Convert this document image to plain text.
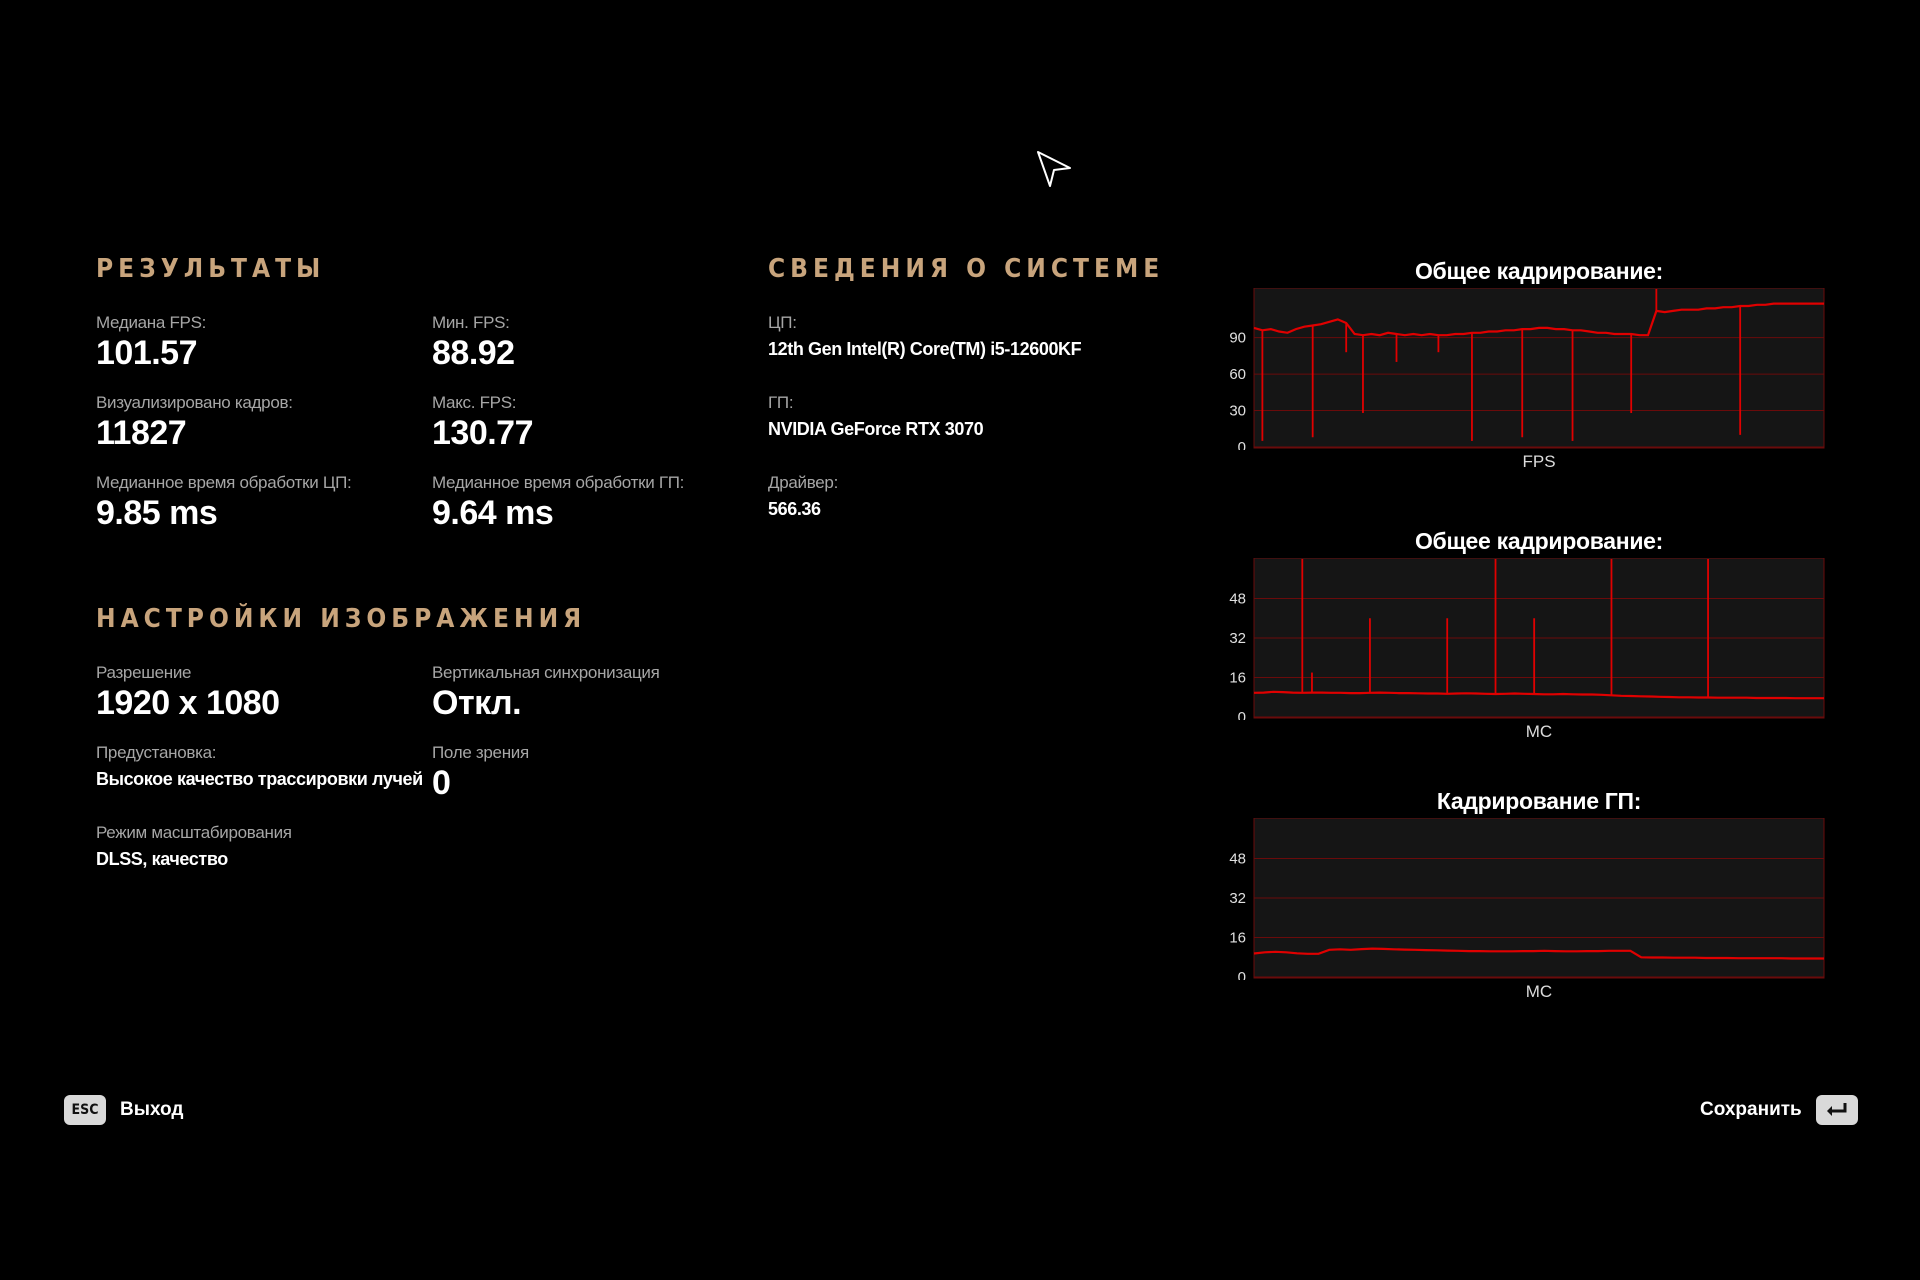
РЕЗУЛЬТАТЫ
Медиана FPS:
101.57
Мин. FPS:
88.92
Визуализировано кадров:
11827
Макс. FPS:
130.77
Медианное время обработки ЦП:
9.85 ms
Медианное время обработки ГП:
9.64 ms
НАСТРОЙКИ ИЗОБРАЖЕНИЯ
Разрешение
1920 x 1080
Вертикальная синхронизация
Откл.
Предустановка:
Высокое качество трассировки лучей
Поле зрения
0
Режим масштабирования
DLSS, качество
СВЕДЕНИЯ О СИСТЕМЕ
ЦП:
12th Gen Intel(R) Core(TM) i5-12600KF
ГП:
NVIDIA GeForce RTX 3070
Драйвер:
566.36
Общее кадрирование:
0
30
60
90
FPS
Общее кадрирование:
0
16
32
48
МС
Кадрирование ГП:
0
16
32
48
МС
ESC	Выход	Сохранить
